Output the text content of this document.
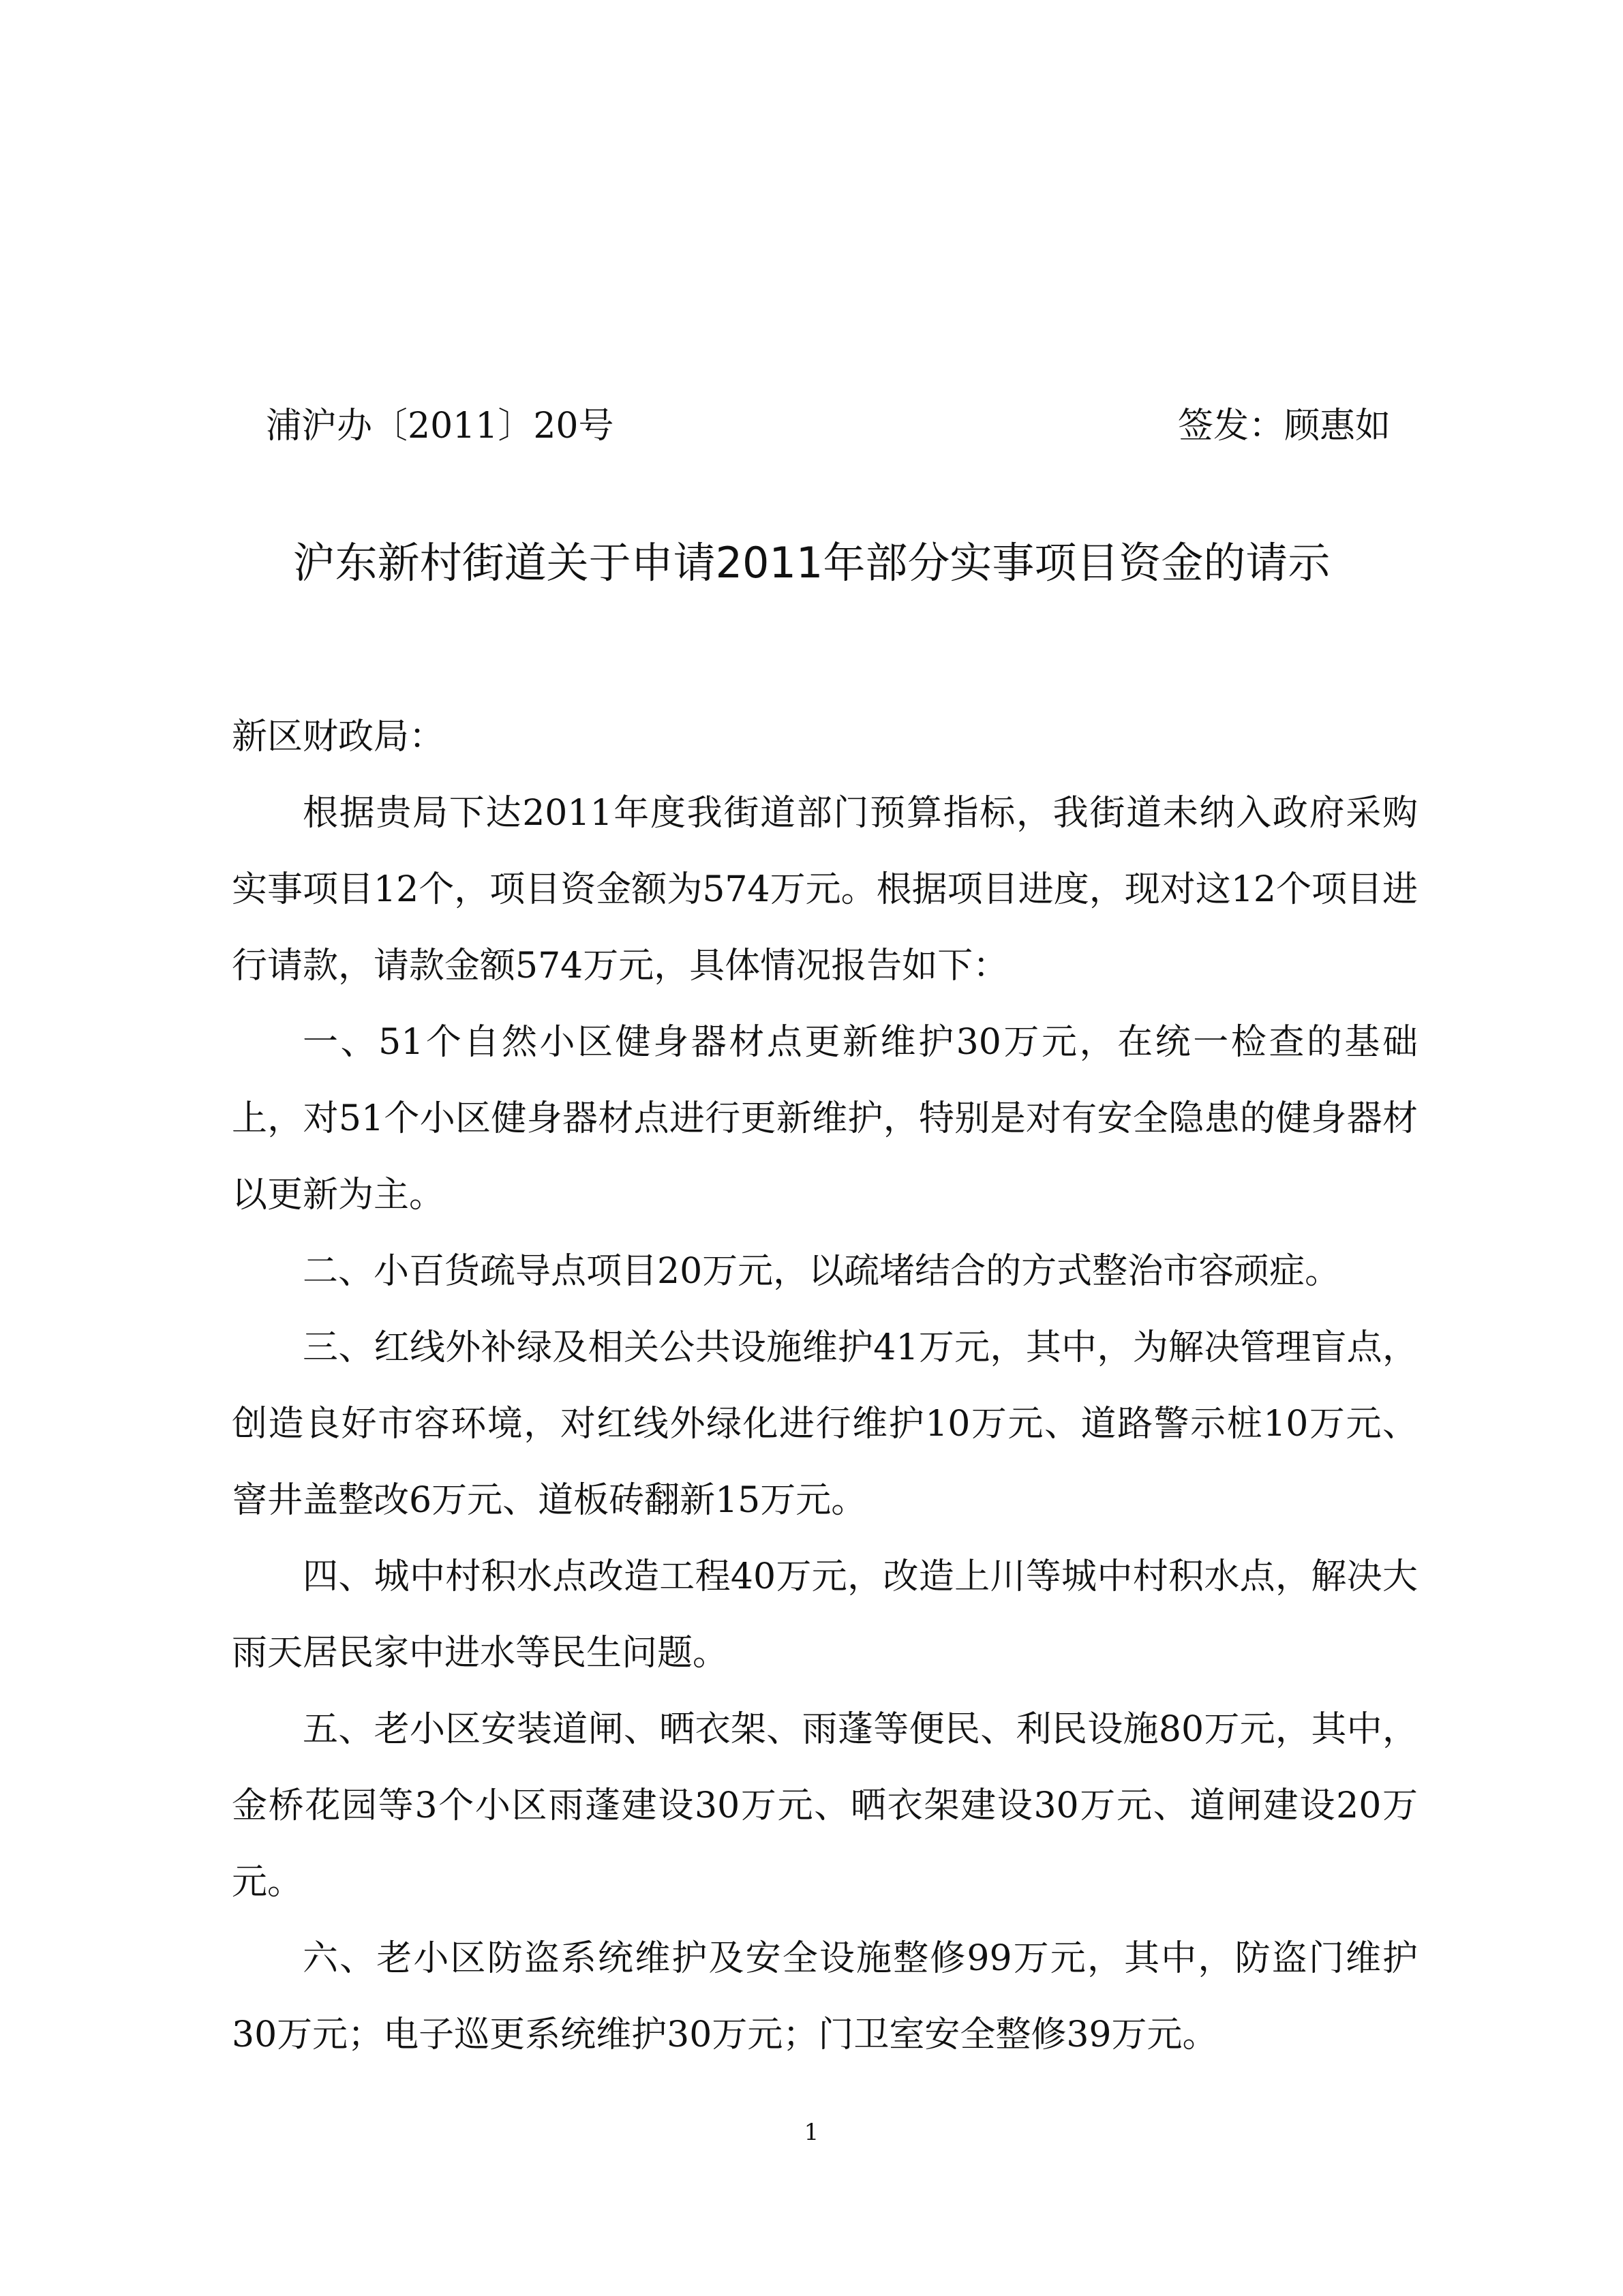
浦沪办〔2011〕20号	签发：顾惠如
沪东新村街道关于申请2011年部分实事项目资金的请示

新区财政局：

根据贵局下达2011年度我街道部门预算指标，我街道未纳入政府采购实事项目12个，项目资金额为574万元。根据项目进度，现对这12个项目进行请款，请款金额574万元，具体情况报告如下：

一、51个自然小区健身器材点更新维护30万元，在统一检查的基础上，对51个小区健身器材点进行更新维护，特别是对有安全隐患的健身器材以更新为主。

二、小百货疏导点项目20万元，以疏堵结合的方式整治市容顽症。

三、红线外补绿及相关公共设施维护41万元，其中，为解决管理盲点，创造良好市容环境，对红线外绿化进行维护10万元、道路警示桩10万元、窨井盖整改6万元、道板砖翻新15万元。

四、城中村积水点改造工程40万元，改造上川等城中村积水点，解决大雨天居民家中进水等民生问题。

五、老小区安装道闸、晒衣架、雨蓬等便民、利民设施80万元，其中，金桥花园等3个小区雨蓬建设30万元、晒衣架建设30万元、道闸建设20万元。

六、老小区防盗系统维护及安全设施整修99万元，其中，防盗门维护30万元；电子巡更系统维护30万元；门卫室安全整修39万元。

1
